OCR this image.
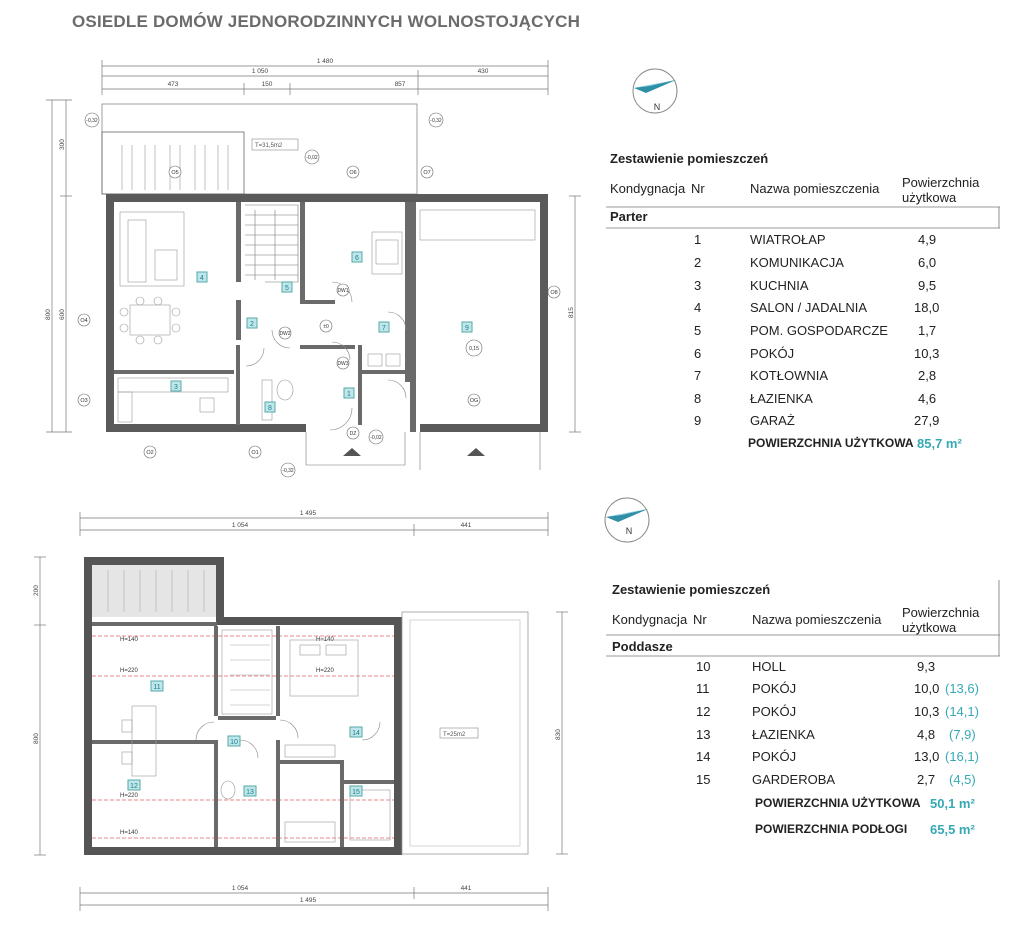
OSIEDLE DOMÓW JEDNORODZINNYCH WOLNOSTOJĄCYCH
1 480
1 050	430
473	150	857
300
800 600	815
T=31,5m2
1
2
3
4
5
6
7
8
9
-0,32	-0,32
-0,02
-0,02
-0,32
0,15
±0
O1
O2
O3
O4
O5	O6	O7
O8
OG
DW1
DW2
DW3
DZ
1 495
1 054	441
T=25m2
H=140
H=220
H=140
H=220
H=220
H=140
10
11
12
13
14
15
200
800	830
1 054	441
1 495
N
N
Zestawienie pomieszczeń
Kondygnacja Nr	Nazwa pomieszczenia Powierzchnia użytkowa
Parter
1	WIATROŁAP	4,9
2	KOMUNIKACJA	6,0
3	KUCHNIA	9,5
4	SALON / JADALNIA	18,0
5	POM. GOSPODARCZE 1,7
6	POKÓJ	10,3
7	KOTŁOWNIA	2,8
8	ŁAZIENKA	4,6
9	GARAŻ	27,9
POWIERZCHNIA UŻYTKOWA 85,7 m²
Zestawienie pomieszczeń
Kondygnacja Nr	Nazwa pomieszczenia Powierzchnia użytkowa
Poddasze
10	HOLL	9,3
11	POKÓJ	10,0 (13,6)
12	POKÓJ	10,3 (14,1)
13	ŁAZIENKA	4,8 (7,9)
14	POKÓJ	13,0 (16,1)
15	GARDEROBA	2,7 (4,5)
POWIERZCHNIA UŻYTKOWA 50,1 m²
POWIERZCHNIA PODŁOGI 65,5 m²
